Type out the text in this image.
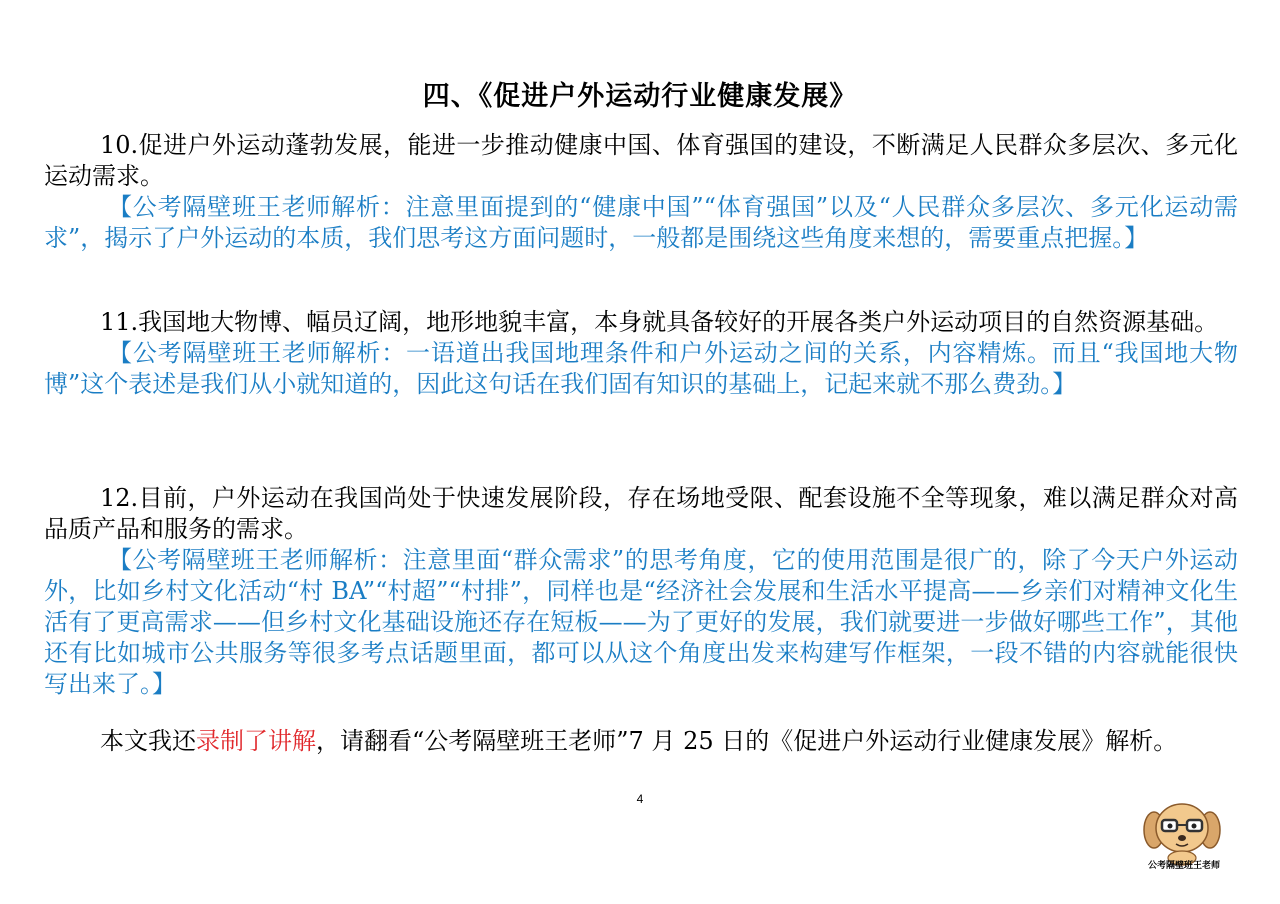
四、《促进户外运动行业健康发展》
10.促进户外运动蓬勃发展，能进一步推动健康中国、体育强国的建设，不断满足人民群众多层次、多元化运动需求。
【公考隔壁班王老师解析：注意里面提到的“健康中国”“体育强国”以及“人民群众多层次、多元化运动需求”，揭示了户外运动的本质，我们思考这方面问题时，一般都是围绕这些角度来想的，需要重点把握。】
11.我国地大物博、幅员辽阔，地形地貌丰富，本身就具备较好的开展各类户外运动项目的自然资源基础。
【公考隔壁班王老师解析：一语道出我国地理条件和户外运动之间的关系，内容精炼。而且“我国地大物博”这个表述是我们从小就知道的，因此这句话在我们固有知识的基础上，记起来就不那么费劲。】
12.目前，户外运动在我国尚处于快速发展阶段，存在场地受限、配套设施不全等现象，难以满足群众对高品质产品和服务的需求。
【公考隔壁班王老师解析：注意里面“群众需求”的思考角度，它的使用范围是很广的，除了今天户外运动外，比如乡村文化活动“村 BA”“村超”“村排”，同样也是“经济社会发展和生活水平提高——乡亲们对精神文化生活有了更高需求——但乡村文化基础设施还存在短板——为了更好的发展，我们就要进一步做好哪些工作”，其他还有比如城市公共服务等很多考点话题里面，都可以从这个角度出发来构建写作框架，一段不错的内容就能很快写出来了。】
本文我还录制了讲解，请翻看“公考隔壁班王老师”7 月 25 日的《促进户外运动行业健康发展》解析。
4
公考隔壁班王老师
